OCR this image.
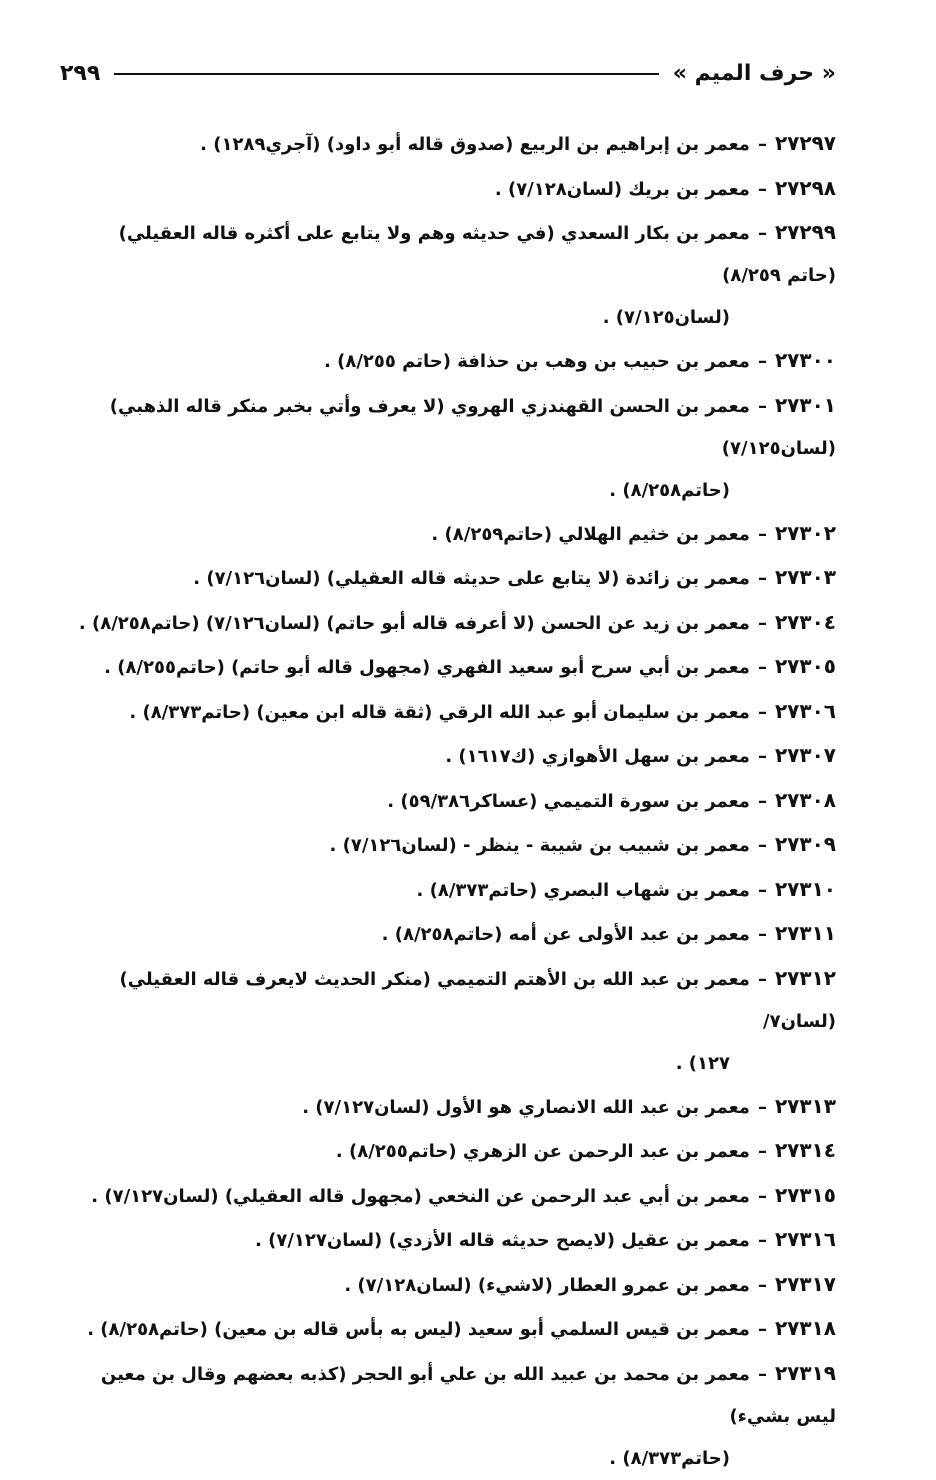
٢٩٩	« حرف الميم »

٢٧٢٩٧–معمر بن إبراهيم بن الربيع (صدوق قاله أبو داود) (آجري١٢٨٩) .

٢٧٢٩٨–معمر بن بريك (لسان٧/١٢٨) .

٢٧٢٩٩–معمر بن بكار السعدي (في حديثه وهم ولا يتابع على أكثره قاله العقيلي) (حاتم ٨/٢٥٩)
(لسان٧/١٢٥) .

٢٧٣٠٠–معمر بن حبيب بن وهب بن حذافة (حاتم ٨/٢٥٥) .

٢٧٣٠١–معمر بن الحسن القهندزي الهروي (لا يعرف وأتي بخبر منكر قاله الذهبي) (لسان٧/١٢٥)
(حاتم٨/٢٥٨) .

٢٧٣٠٢–معمر بن خثيم الهلالي (حاتم٨/٢٥٩) .

٢٧٣٠٣–معمر بن زائدة (لا يتابع على حديثه قاله العقيلي) (لسان٧/١٢٦) .

٢٧٣٠٤–معمر بن زيد عن الحسن (لا أعرفه قاله أبو حاتم) (لسان٧/١٢٦) (حاتم٨/٢٥٨) .

٢٧٣٠٥–معمر بن أبي سرح أبو سعيد الفهري (مجهول قاله أبو حاتم) (حاتم٨/٢٥٥) .

٢٧٣٠٦–معمر بن سليمان أبو عبد الله الرقي (ثقة قاله ابن معين) (حاتم٨/٣٧٣) .

٢٧٣٠٧–معمر بن سهل الأهوازي (ك١٦١٧) .

٢٧٣٠٨–معمر بن سورة التميمي (عساكر٥٩/٣٨٦) .

٢٧٣٠٩–معمر بن شبيب بن شيبة - ينظر - (لسان٧/١٢٦) .

٢٧٣١٠–معمر بن شهاب البصري (حاتم٨/٣٧٣) .

٢٧٣١١–معمر بن عبد الأولى عن أمه (حاتم٨/٢٥٨) .

٢٧٣١٢–معمر بن عبد الله بن الأهتم التميمي (منكر الحديث لايعرف قاله العقيلي) (لسان٧/
١٢٧) .

٢٧٣١٣–معمر بن عبد الله الانصاري هو الأول (لسان٧/١٢٧) .

٢٧٣١٤–معمر بن عبد الرحمن عن الزهري (حاتم٨/٢٥٥) .

٢٧٣١٥–معمر بن أبي عبد الرحمن عن النخعي (مجهول قاله العقيلي) (لسان٧/١٢٧) .

٢٧٣١٦–معمر بن عقيل (لايصح حديثه قاله الأزدي) (لسان٧/١٢٧) .

٢٧٣١٧–معمر بن عمرو العطار (لاشيء) (لسان٧/١٢٨) .

٢٧٣١٨–معمر بن قيس السلمي أبو سعيد (ليس به بأس قاله بن معين) (حاتم٨/٢٥٨) .

٢٧٣١٩–معمر بن محمد بن عبيد الله بن علي أبو الحجر (كذبه بعضهم وقال بن معين ليس بشيء)
(حاتم٨/٣٧٣) .
